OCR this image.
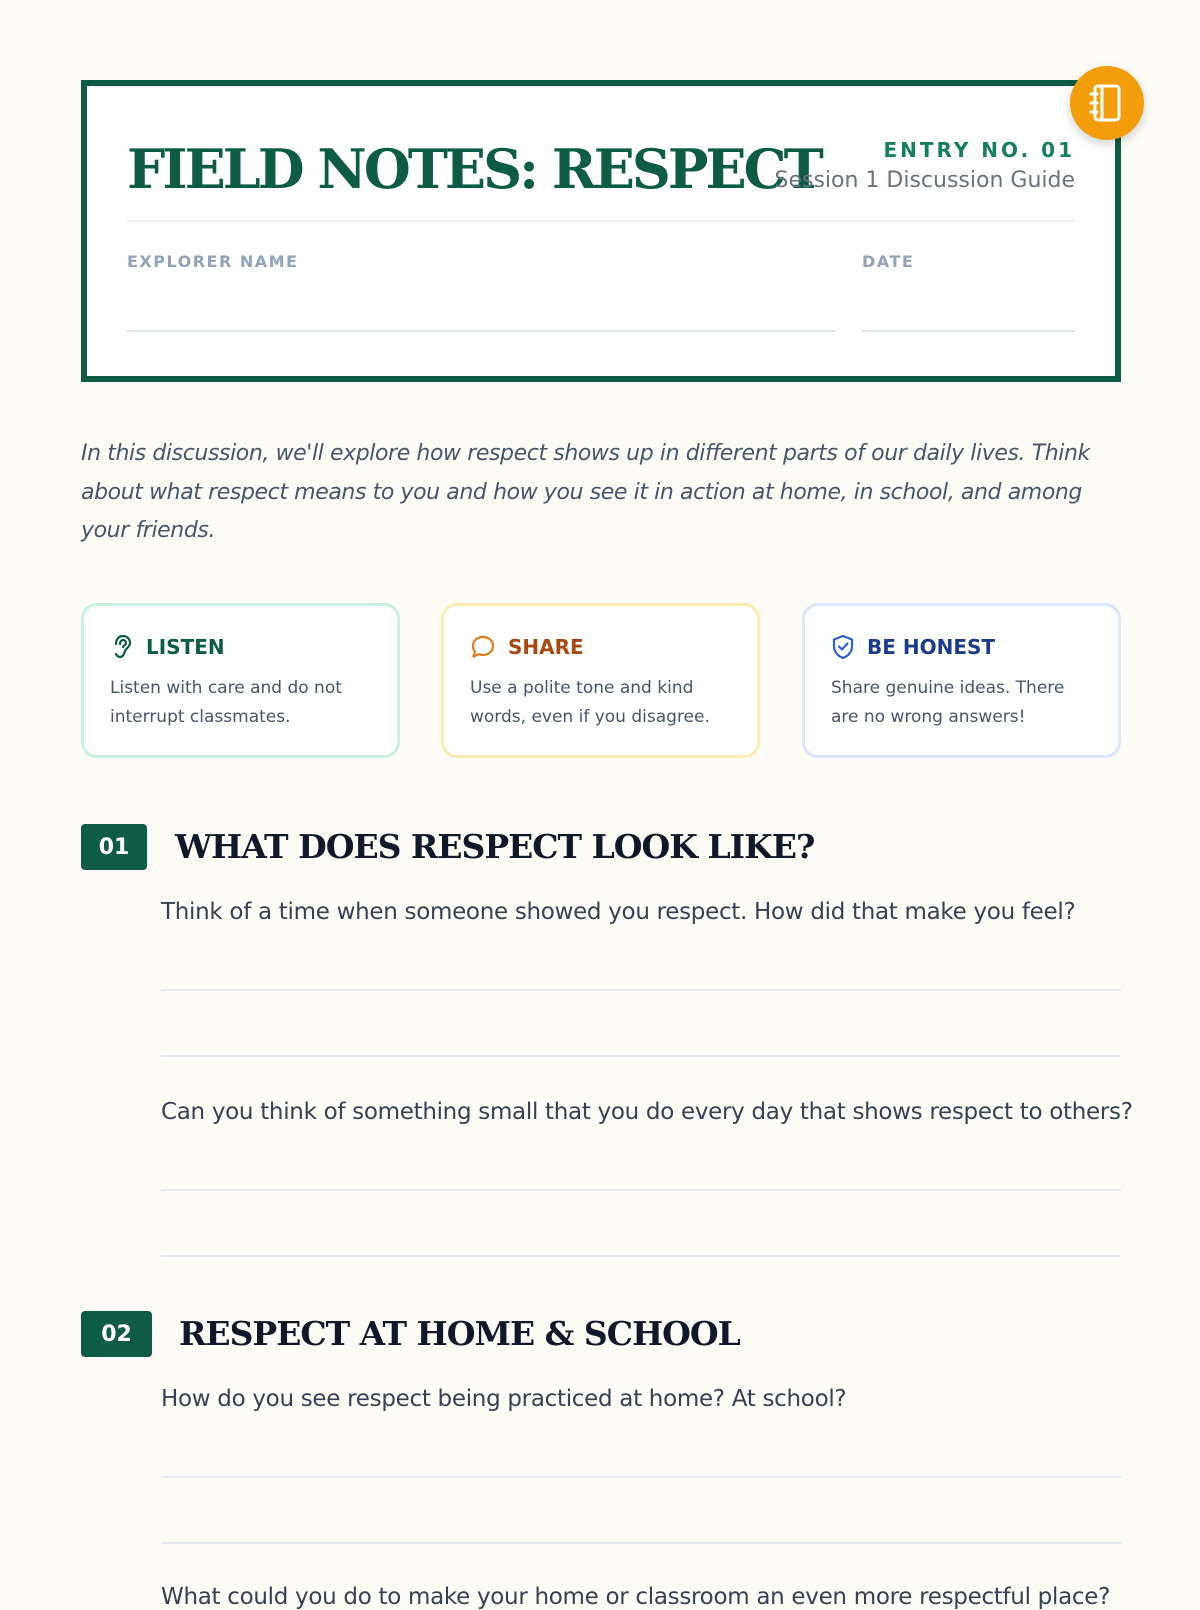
FIELD NOTES: RESPECT	ENTRY NO. 01
Session 1 Discussion Guide
EXPLORER NAME	DATE

In this discussion, we'll explore how respect shows up in different parts of our daily lives. Think about what respect means to you and how you see it in action at home, in school, and among your friends.

LISTEN
Listen with care and do not interrupt classmates.
SHARE
Use a polite tone and kind words, even if you disagree.
BE HONEST
Share genuine ideas. There are no wrong answers!
01	WHAT DOES RESPECT LOOK LIKE?
Think of a time when someone showed you respect. How did that make you feel?
Can you think of something small that you do every day that shows respect to others?
02	RESPECT AT HOME & SCHOOL
How do you see respect being practiced at home? At school?
What could you do to make your home or classroom an even more respectful place?
